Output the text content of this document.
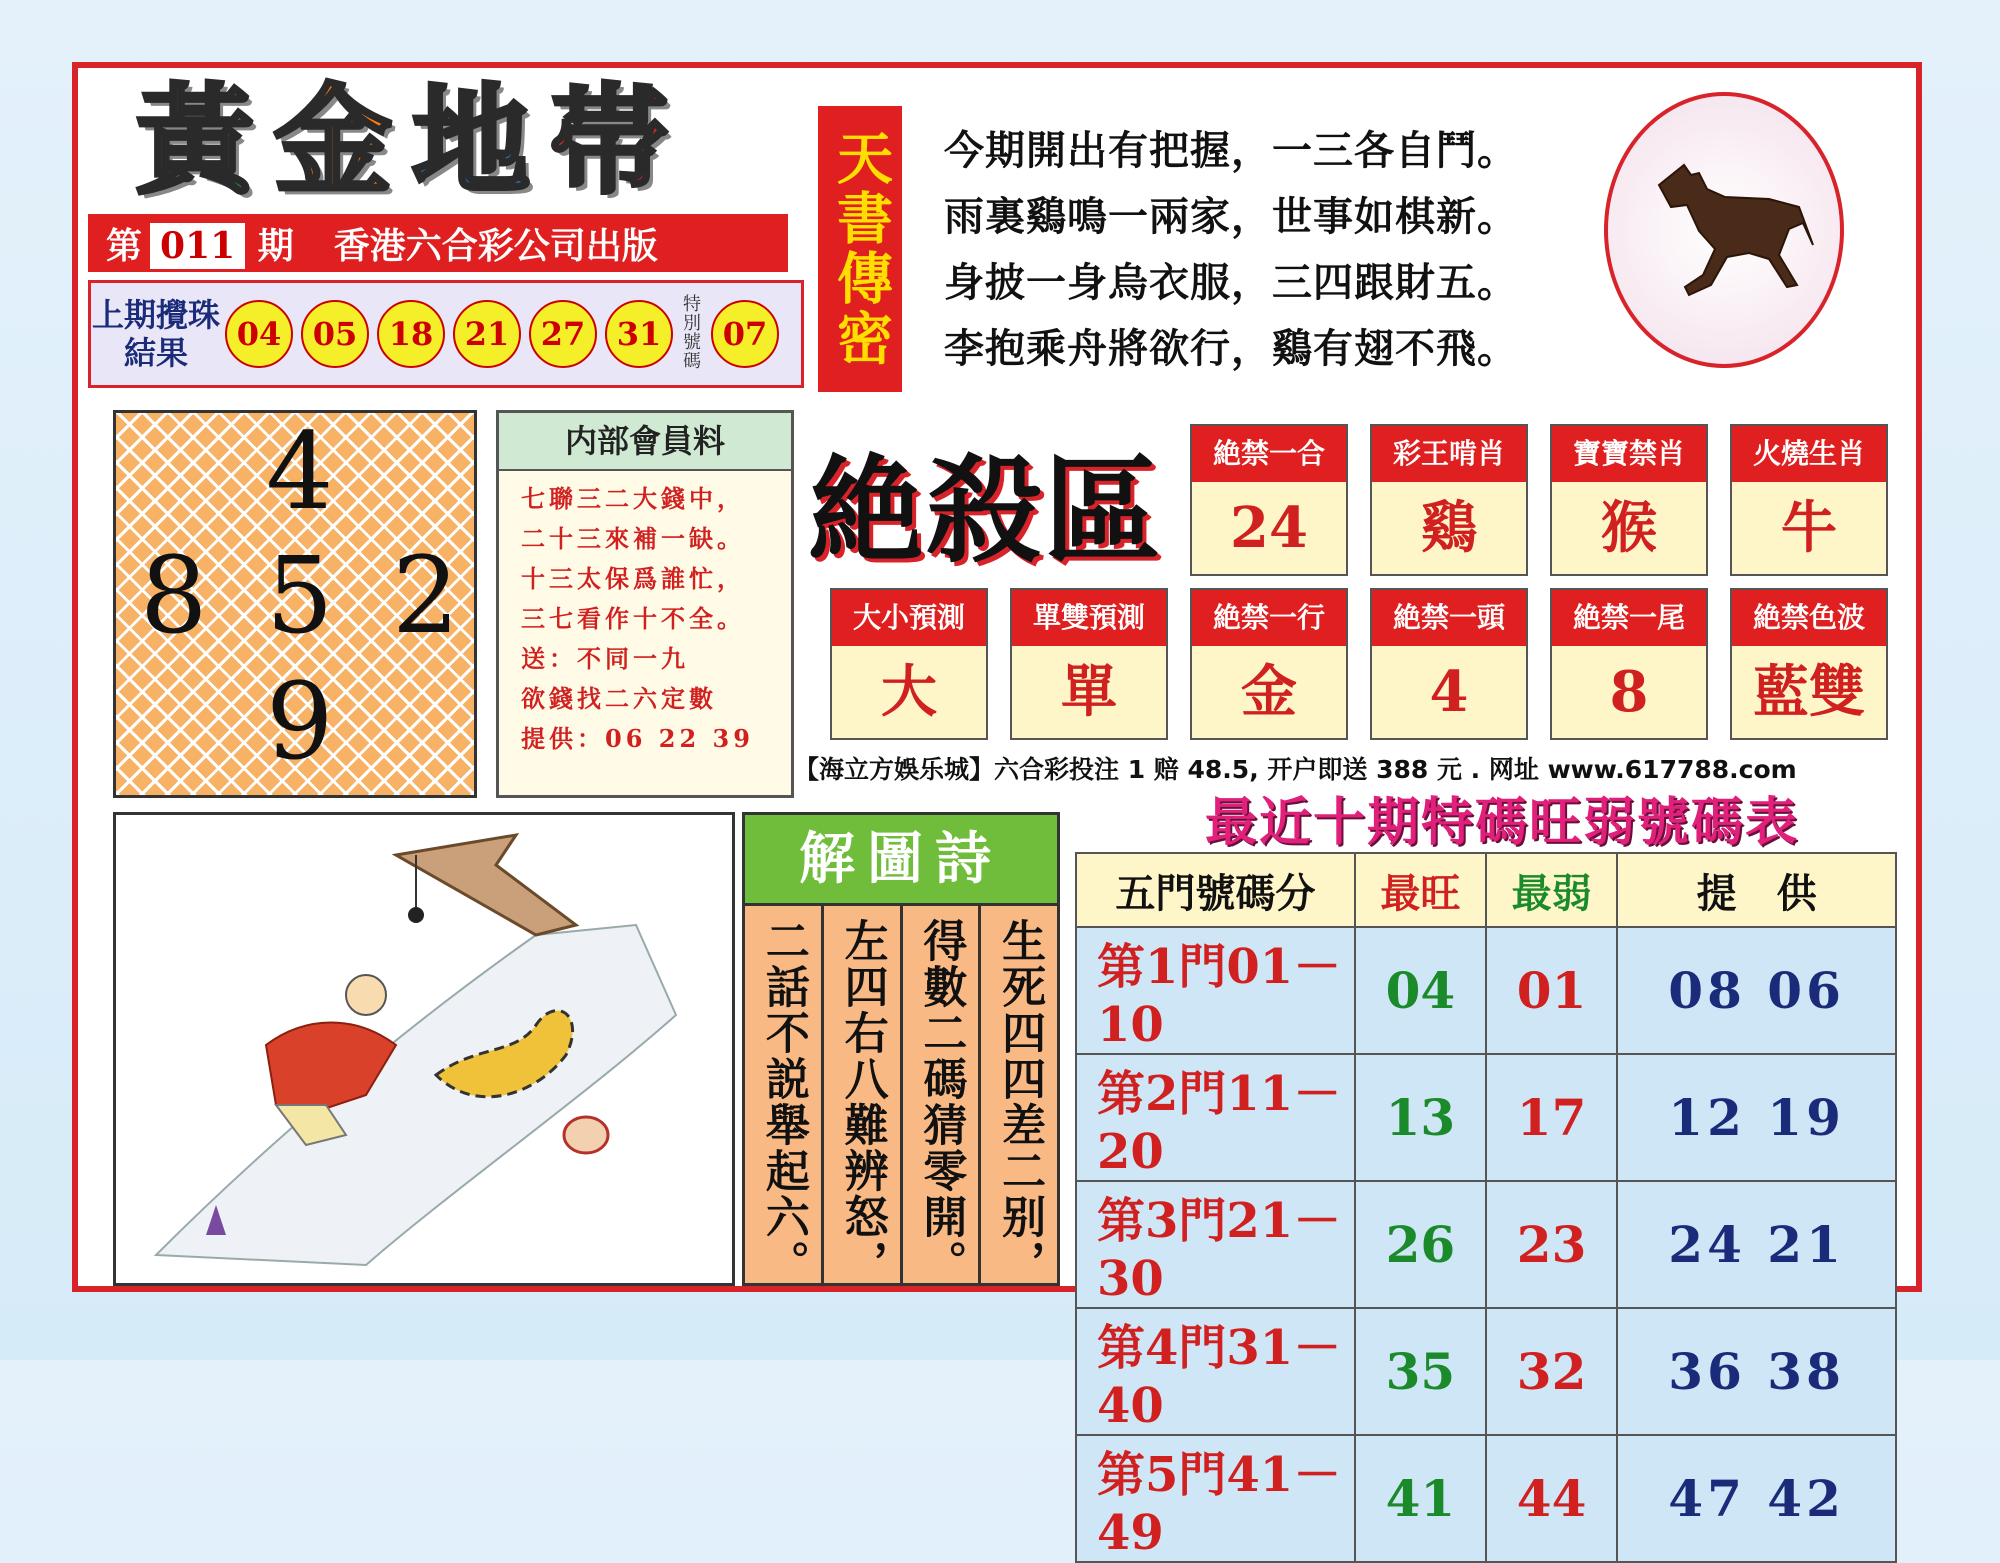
黃 金 地 帯
第 011 期 香港六合彩公司出版
上期攪珠結果	04 05 18 21 27 31
特別號碼
07 天書傳密 今期開出有把握，一三各自鬥。
雨裏鷄鳴一兩家，世事如棋新。
身披一身烏衣服，三四跟財五。
李抱乘舟將欲行，鷄有翅不飛。
4
8 5 2
9
内部會員料
七聯三二大錢中，
二十三來補一缺。
十三太保爲誰忙，
三七看作十不全。
送：不同一九
欲錢找二六定數
提供：06 22 39
絶殺區	絶禁一合
24
彩王啃肖
鷄
寶寶禁肖
猴
火燒生肖
牛
大小預測
大
單雙預測
單
絶禁一行
金
絶禁一頭
4
絶禁一尾
8
絶禁色波
藍雙
【海立方娛乐城】六合彩投注 1 赔 48.5, 开户即送 388 元 . 网址 www.617788.com
最近十期特碼旺弱號碼表
解圖詩
生死四四差二别，
得數二碼猜零開。
左四右八難辨怒，
二話不説舉起六。
五門號碼分	最旺	最弱	提　供
第1門01－10	04	01	08 06
第2門11－20	13	17	12 19
第3門21－30	26	23	24 21
第4門31－40	35	32	36 38
第5門41－49	41	44	47 42
